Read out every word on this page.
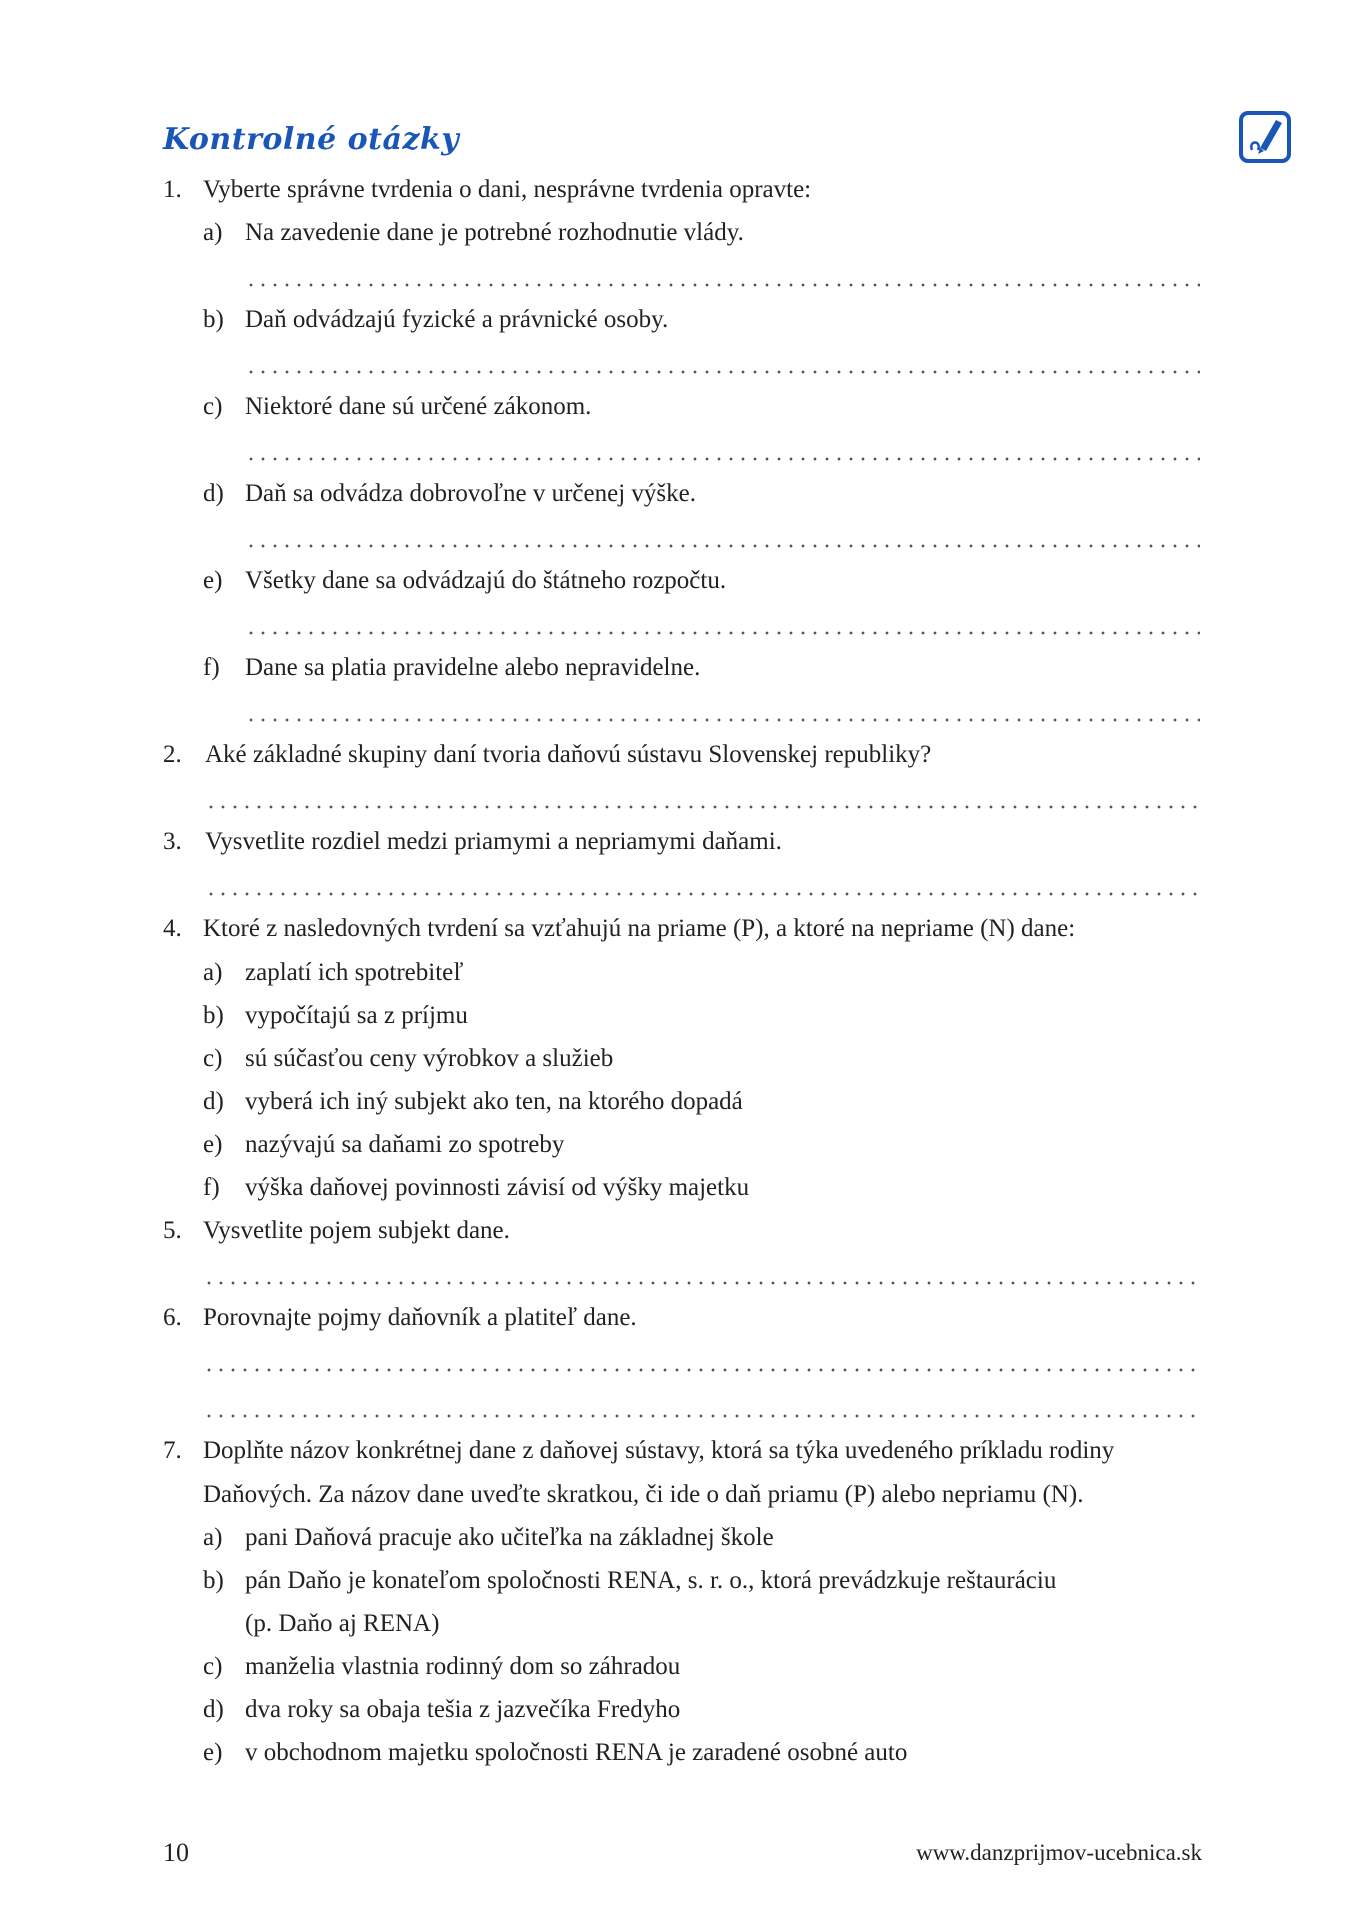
Kontrolné otázky
1. Vyberte správne tvrdenia o dani, nesprávne tvrdenia opravte:
a) Na zavedenie dane je potrebné rozhodnutie vlády.
b) Daň odvádzajú fyzické a právnické osoby.
c) Niektoré dane sú určené zákonom.
d) Daň sa odvádza dobrovoľne v určenej výške.
e) Všetky dane sa odvádzajú do štátneho rozpočtu.
f) Dane sa platia pravidelne alebo nepravidelne.
2. Aké základné skupiny daní tvoria daňovú sústavu Slovenskej republiky?
3. Vysvetlite rozdiel medzi priamymi a nepriamymi daňami.
4. Ktoré z nasledovných tvrdení sa vzťahujú na priame (P), a ktoré na nepriame (N) dane:
a) zaplatí ich spotrebiteľ
b) vypočítajú sa z príjmu
c) sú súčasťou ceny výrobkov a služieb
d) vyberá ich iný subjekt ako ten, na ktorého dopadá
e) nazývajú sa daňami zo spotreby
f) výška daňovej povinnosti závisí od výšky majetku
5. Vysvetlite pojem subjekt dane.
6. Porovnajte pojmy daňovník a platiteľ dane.
7. Doplňte názov konkrétnej dane z daňovej sústavy, ktorá sa týka uvedeného príkladu rodiny
Daňových. Za názov dane uveďte skratkou, či ide o daň priamu (P) alebo nepriamu (N).
a) pani Daňová pracuje ako učiteľka na základnej škole
b) pán Daňo je konateľom spoločnosti RENA, s. r. o., ktorá prevádzkuje reštauráciu
(p. Daňo aj RENA)
c) manželia vlastnia rodinný dom so záhradou
d) dva roky sa obaja tešia z jazvečíka Fredyho
e) v obchodnom majetku spoločnosti RENA je zaradené osobné auto
10	www.danzprijmov-ucebnica.sk
